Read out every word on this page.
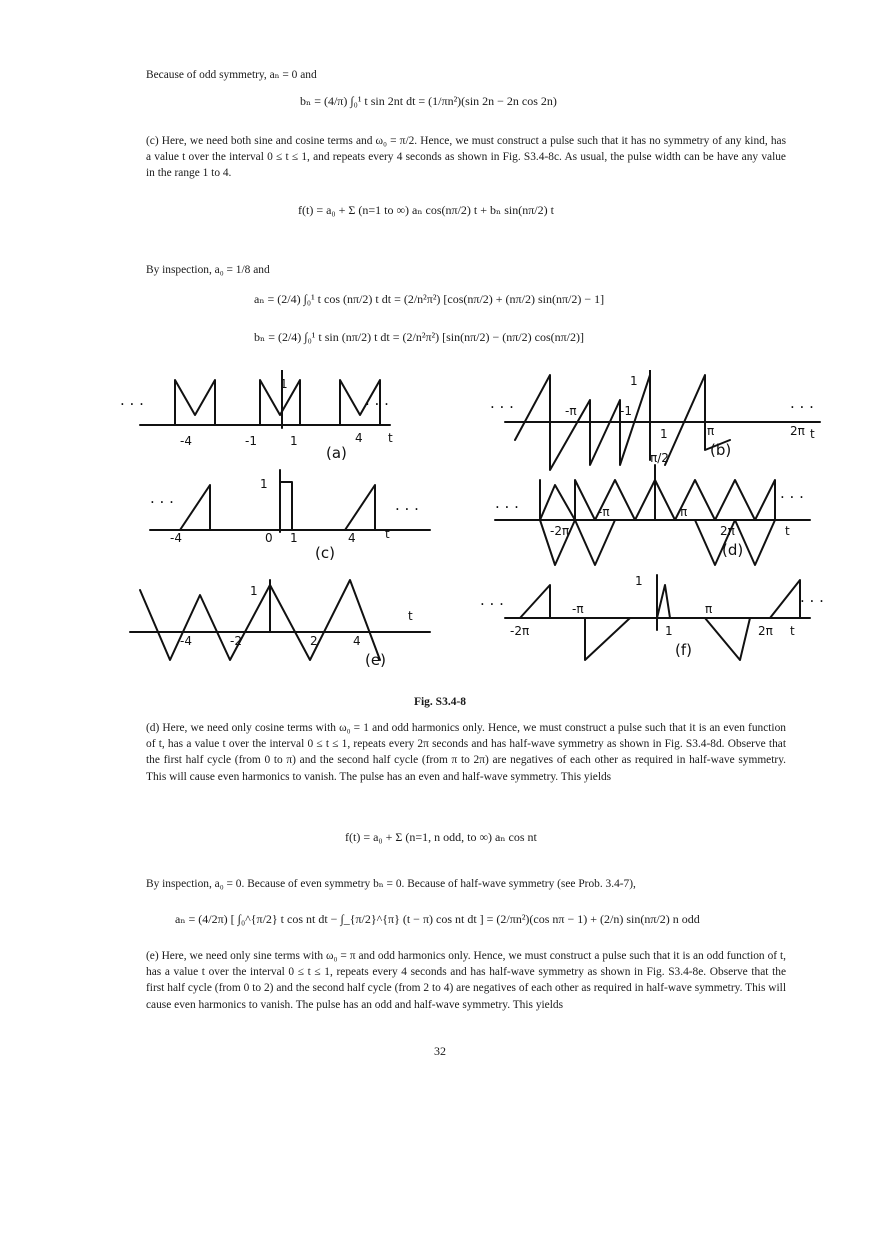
Because of odd symmetry, aₙ = 0 and
bₙ = (4/π) ∫₀¹ t sin 2nt dt = (1/πn²)(sin 2n − 2n cos 2n)
(c) Here, we need both sine and cosine terms and ω₀ = π/2. Hence, we must construct a pulse such that it has no symmetry of any kind, has a value t over the interval 0 ≤ t ≤ 1, and repeats every 4 seconds as shown in Fig. S3.4-8c. As usual, the pulse width can be have any value in the range 1 to 4.
f(t) = a₀ + Σ (n=1 to ∞) aₙ cos(nπ/2) t + bₙ sin(nπ/2) t
By inspection, a₀ = 1/8 and
aₙ = (2/4) ∫₀¹ t cos (nπ/2) t dt = (2/n²π²) [cos(nπ/2) + (nπ/2) sin(nπ/2) − 1]
bₙ = (2/4) ∫₀¹ t sin (nπ/2) t dt = (2/n²π²) [sin(nπ/2) − (nπ/2) cos(nπ/2)]
. . .	. . .
1
-4	-1	1	4 t
(a)
. . .	. . .
1
-π	-1
1	π	2π t
(b)
. . .	. . .
1
-4	0 1	4 t
(c)
. . .
. . .
π/2
-2π
-π	π
2π	t
(d)
1
-4	-2	2	4
t
(e)
. . .	. . .
1
-2π
-π
1
π
2π t
(f)
Fig. S3.4-8
(d) Here, we need only cosine terms with ω₀ = 1 and odd harmonics only. Hence, we must construct a pulse such that it is an even function of t, has a value t over the interval 0 ≤ t ≤ 1, repeats every 2π seconds and has half-wave symmetry as shown in Fig. S3.4-8d. Observe that the first half cycle (from 0 to π) and the second half cycle (from π to 2π) are negatives of each other as required in half-wave symmetry. This will cause even harmonics to vanish. The pulse has an even and half-wave symmetry. This yields
f(t) = a₀ + Σ (n=1, n odd, to ∞) aₙ cos nt
By inspection, a₀ = 0. Because of even symmetry bₙ = 0. Because of half-wave symmetry (see Prob. 3.4-7),
aₙ = (4/2π) [ ∫₀^{π/2} t cos nt dt − ∫_{π/2}^{π} (t − π) cos nt dt ] = (2/πn²)(cos nπ − 1) + (2/n) sin(nπ/2) n odd
(e) Here, we need only sine terms with ω₀ = π and odd harmonics only. Hence, we must construct a pulse such that it is an odd function of t, has a value t over the interval 0 ≤ t ≤ 1, repeats every 4 seconds and has half-wave symmetry as shown in Fig. S3.4-8e. Observe that the first half cycle (from 0 to 2) and the second half cycle (from 2 to 4) are negatives of each other as required in half-wave symmetry. This will cause even harmonics to vanish. The pulse has an odd and half-wave symmetry. This yields
32
